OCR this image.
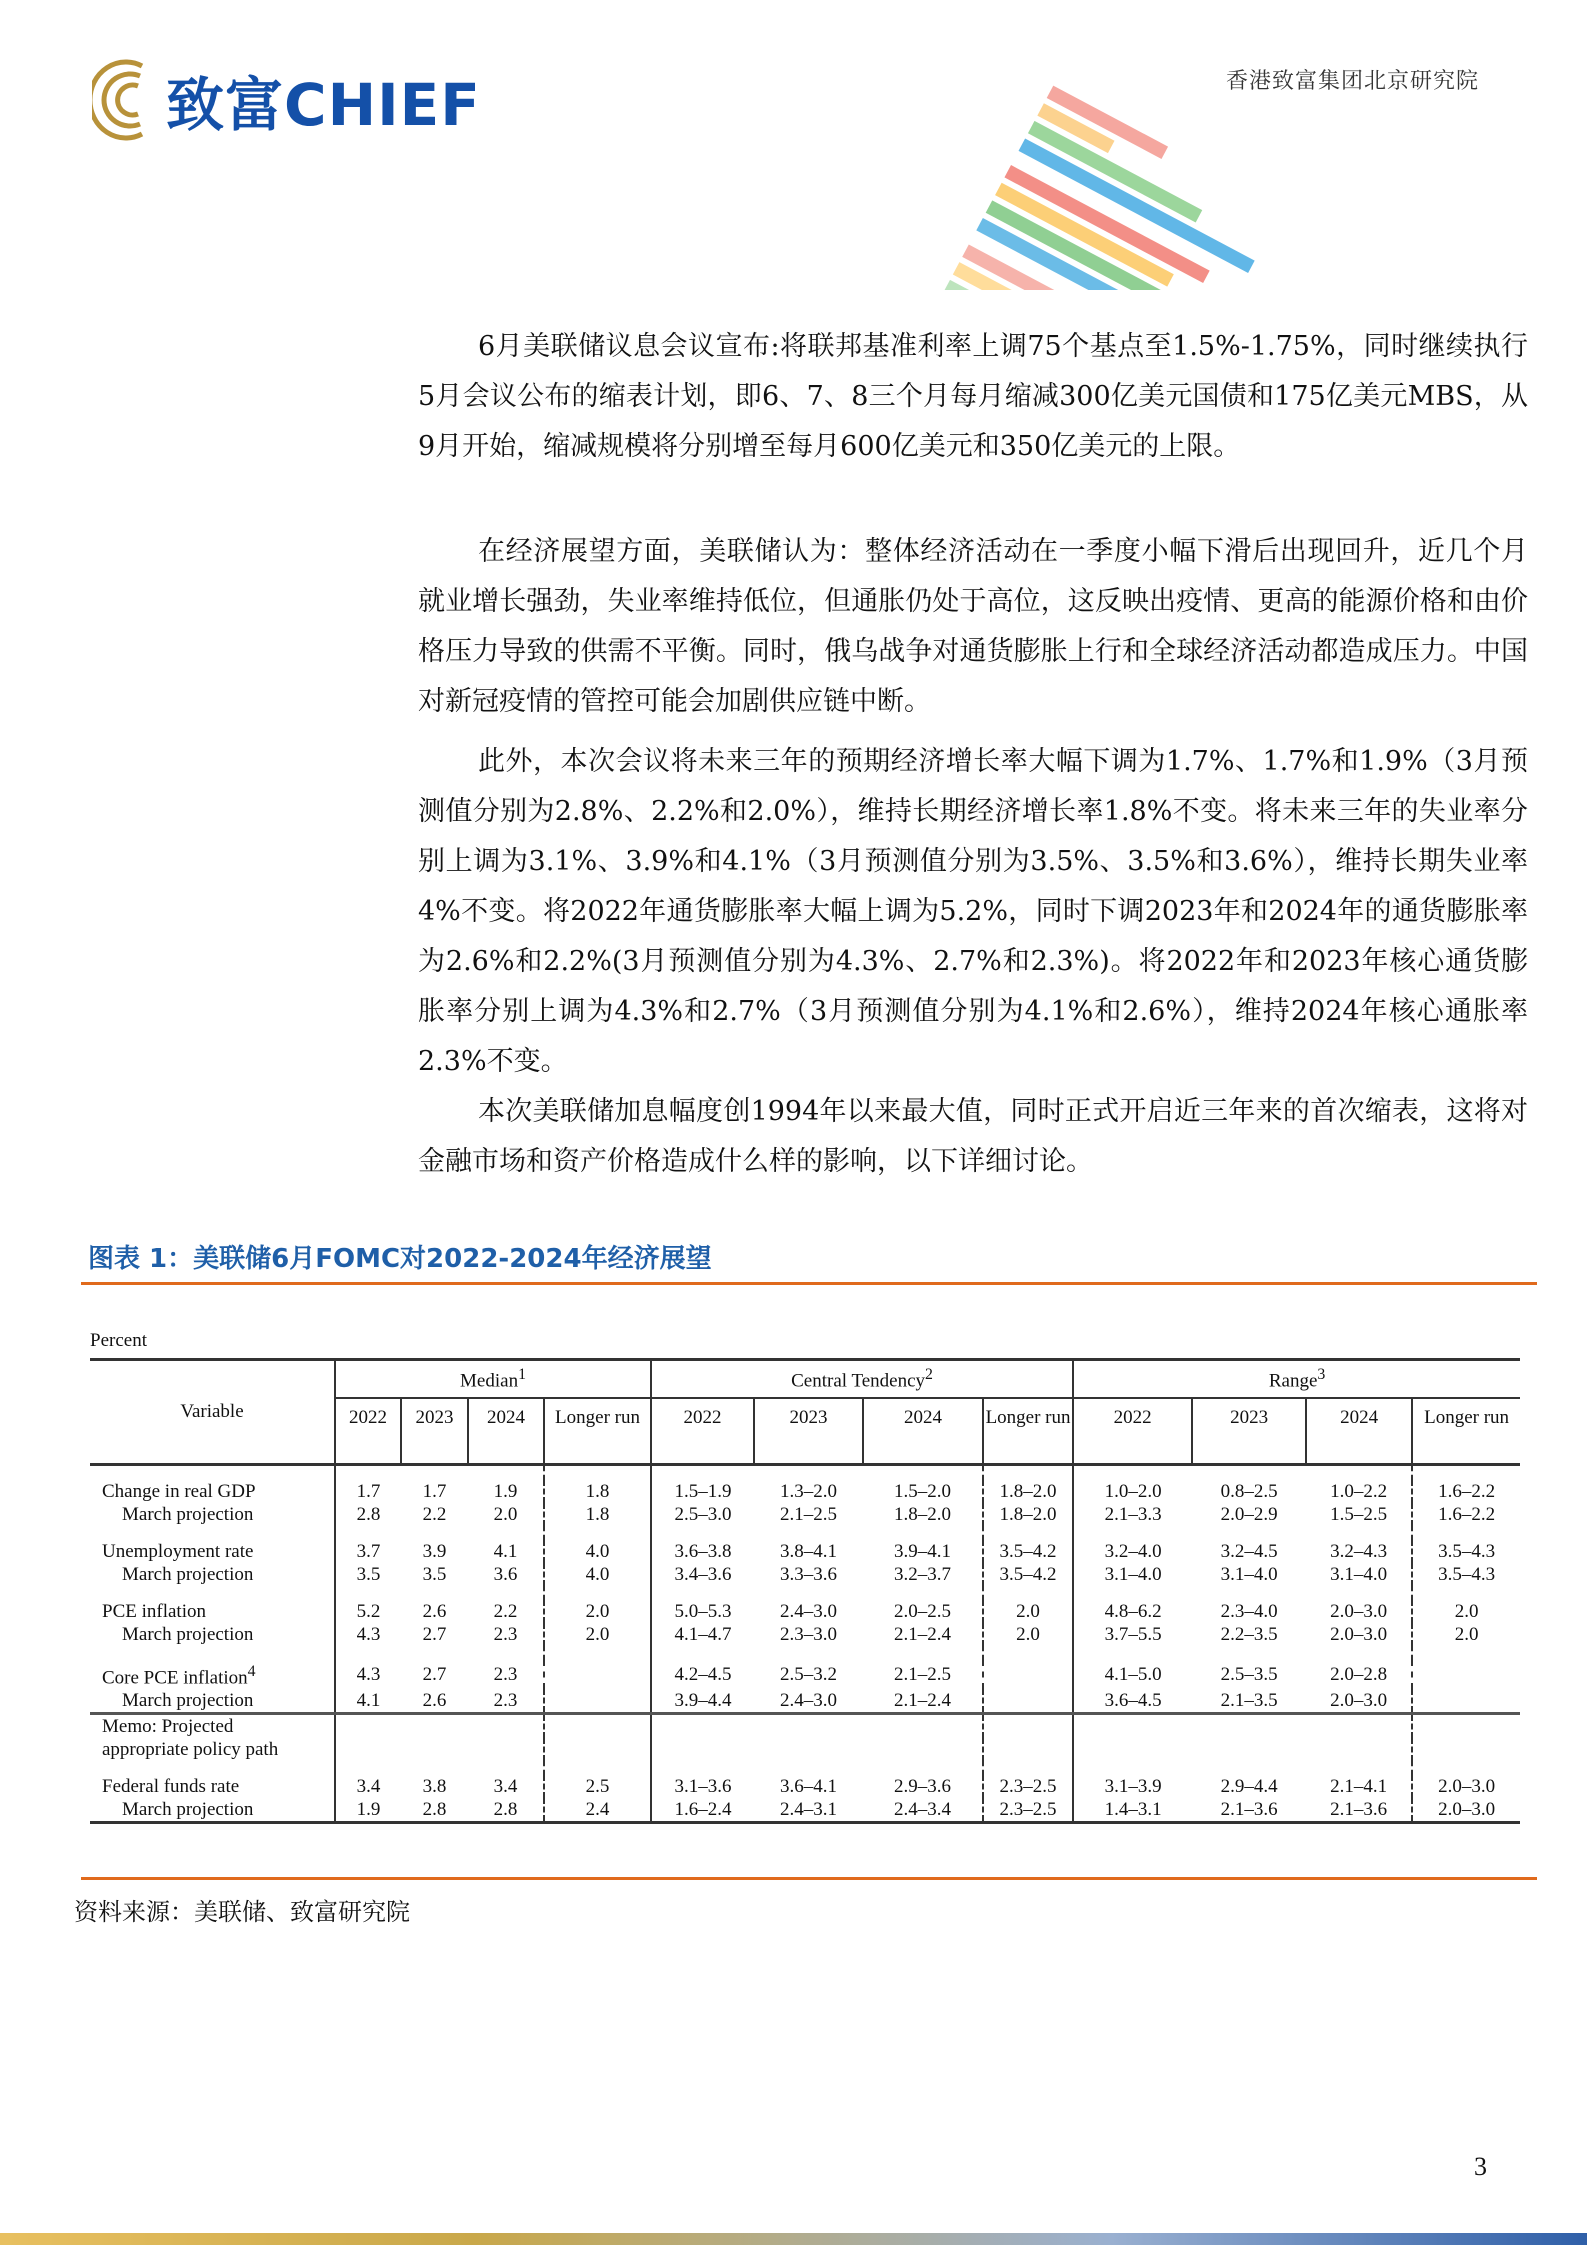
致富CHIEF	香港致富集团北京研究院

6月美联储议息会议宣布:将联邦基准利率上调75个基点至1.5%-1.75%，同时继续执行5月会议公布的缩表计划，即6、7、8三个月每月缩减300亿美元国债和175亿美元MBS，从9月开始，缩减规模将分别增至每月600亿美元和350亿美元的上限。

在经济展望方面，美联储认为：整体经济活动在一季度小幅下滑后出现回升，近几个月就业增长强劲，失业率维持低位，但通胀仍处于高位，这反映出疫情、更高的能源价格和由价格压力导致的供需不平衡。同时，俄乌战争对通货膨胀上行和全球经济活动都造成压力。中国对新冠疫情的管控可能会加剧供应链中断。

此外，本次会议将未来三年的预期经济增长率大幅下调为1.7%、1.7%和1.9%（3月预测值分别为2.8%、2.2%和2.0%），维持长期经济增长率1.8%不变。将未来三年的失业率分别上调为3.1%、3.9%和4.1%（3月预测值分别为3.5%、3.5%和3.6%），维持长期失业率4%不变。将2022年通货膨胀率大幅上调为5.2%，同时下调2023年和2024年的通货膨胀率为2.6%和2.2%(3月预测值分别为4.3%、2.7%和2.3%)。将2022年和2023年核心通货膨胀率分别上调为4.3%和2.7%（3月预测值分别为4.1%和2.6%），维持2024年核心通胀率2.3%不变。

本次美联储加息幅度创1994年以来最大值，同时正式开启近三年来的首次缩表，这将对金融市场和资产价格造成什么样的影响，以下详细讨论。

图表 1：美联储6月FOMC对2022-2024年经济展望
Percent
Variable	Median$^1$				Central Tendency$^2$				Range$^3$
	2022	2023	2024	Longer run	2022	2023	2024	Longer run	2022	2023	2024	Longer run

Change in real GDP	1.7	1.7	1.9	1.8	1.5–1.9	1.3–2.0	1.5–2.0	1.8–2.0	1.0–2.0	0.8–2.5	1.0–2.2	1.6–2.2
March projection	2.8	2.2	2.0	1.8	2.5–3.0	2.1–2.5	1.8–2.0	1.8–2.0	2.1–3.3	2.0–2.9	1.5–2.5	1.6–2.2

Unemployment rate	3.7	3.9	4.1	4.0	3.6–3.8	3.8–4.1	3.9–4.1	3.5–4.2	3.2–4.0	3.2–4.5	3.2–4.3	3.5–4.3
March projection	3.5	3.5	3.6	4.0	3.4–3.6	3.3–3.6	3.2–3.7	3.5–4.2	3.1–4.0	3.1–4.0	3.1–4.0	3.5–4.3

PCE inflation	5.2	2.6	2.2	2.0	5.0–5.3	2.4–3.0	2.0–2.5	2.0	4.8–6.2	2.3–4.0	2.0–3.0	2.0
March projection	4.3	2.7	2.3	2.0	4.1–4.7	2.3–3.0	2.1–2.4	2.0	3.7–5.5	2.2–3.5	2.0–3.0	2.0

Core PCE inflation$^4$	4.3	2.7	2.3		4.2–4.5	2.5–3.2	2.1–2.5		4.1–5.0	2.5–3.5	2.0–2.8	
March projection	4.1	2.6	2.3		3.9–4.4	2.4–3.0	2.1–2.4		3.6–4.5	2.1–3.5	2.0–3.0	
Memo: Projected												
appropriate policy path												

Federal funds rate	3.4	3.8	3.4	2.5	3.1–3.6	3.6–4.1	2.9–3.6	2.3–2.5	3.1–3.9	2.9–4.4	2.1–4.1	2.0–3.0
March projection	1.9	2.8	2.8	2.4	1.6–2.4	2.4–3.1	2.4–3.4	2.3–2.5	1.4–3.1	2.1–3.6	2.1–3.6	2.0–3.0
资料来源：美联储、致富研究院
3
